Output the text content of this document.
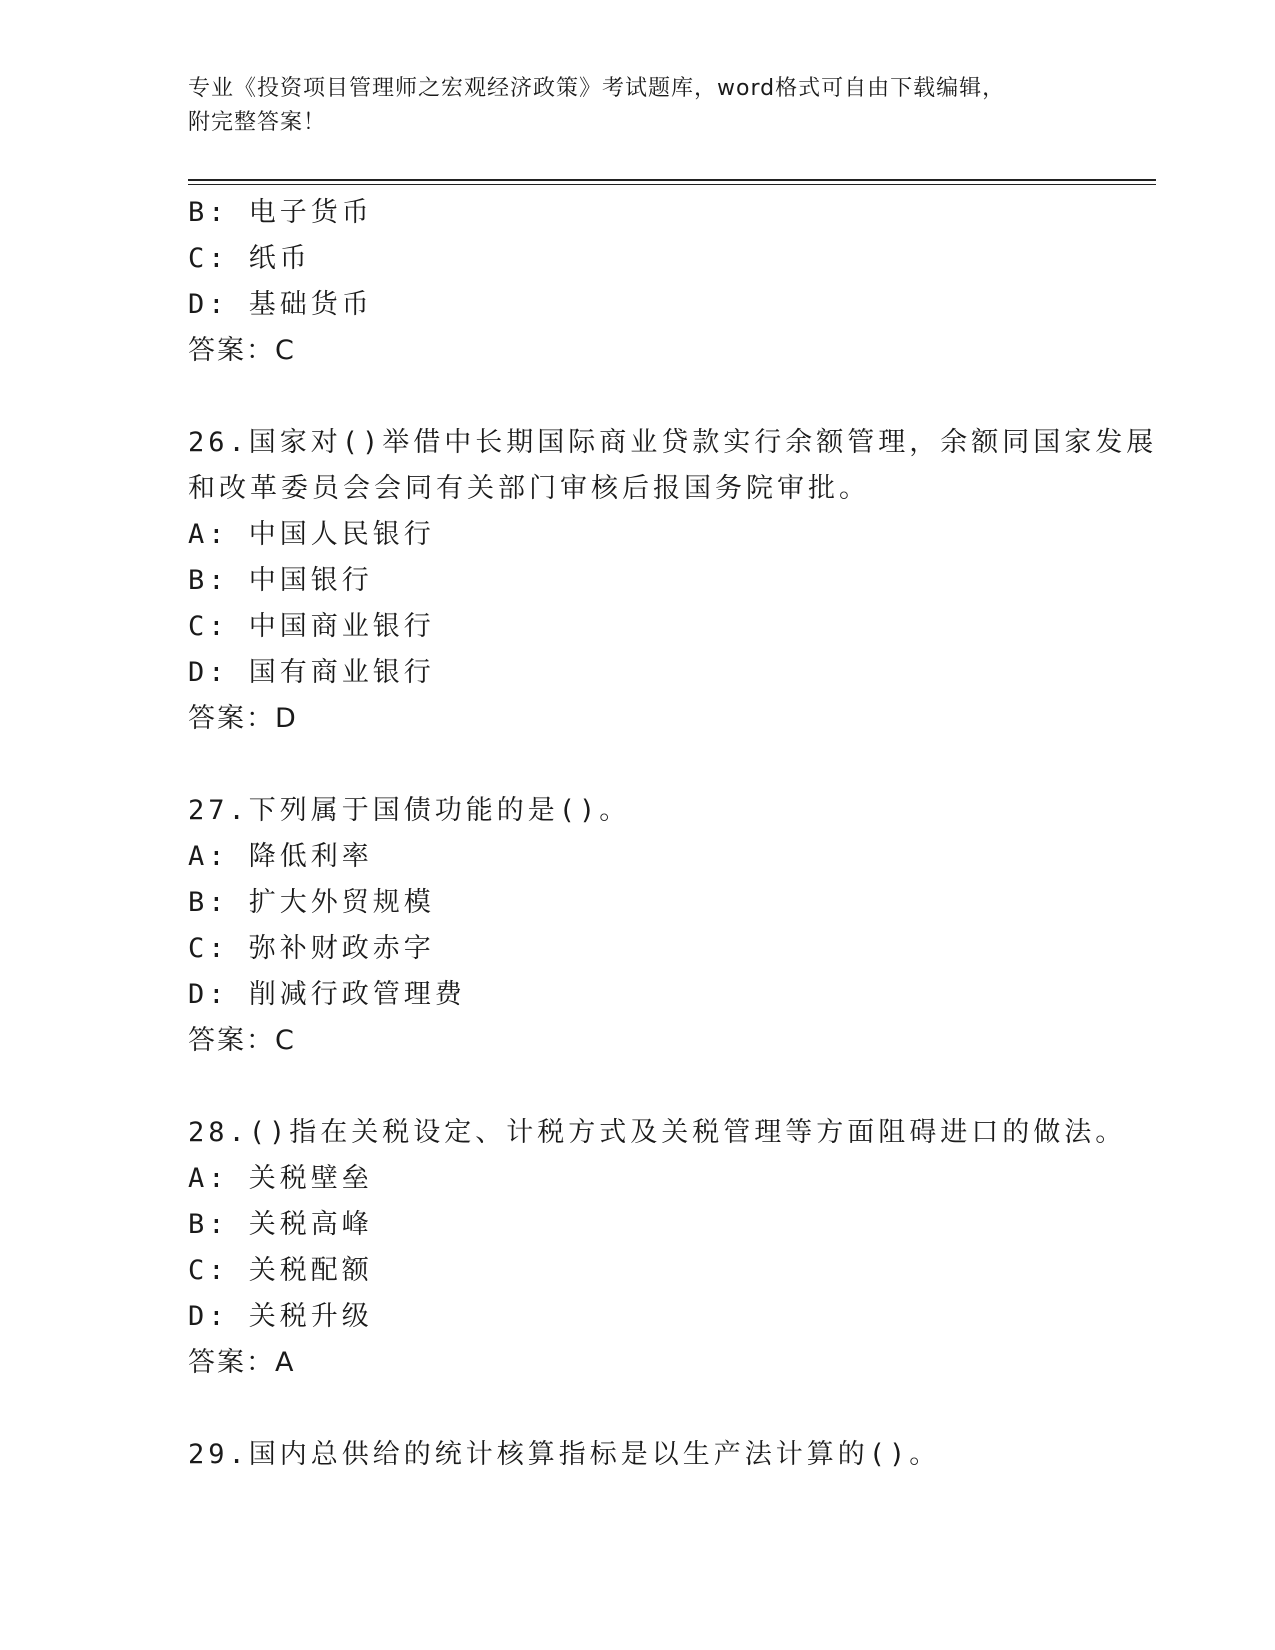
专业《投资项目管理师之宏观经济政策》考试题库，word格式可自由下载编辑，
附完整答案！
B: 电子货币
C: 纸币
D: 基础货币
答案：C
26.国家对()举借中长期国际商业贷款实行余额管理，余额同国家发展
和改革委员会会同有关部门审核后报国务院审批。
A: 中国人民银行
B: 中国银行
C: 中国商业银行
D: 国有商业银行
答案：D
27.下列属于国债功能的是()。
A: 降低利率
B: 扩大外贸规模
C: 弥补财政赤字
D: 削减行政管理费
答案：C
28.()指在关税设定、计税方式及关税管理等方面阻碍进口的做法。
A: 关税壁垒
B: 关税高峰
C: 关税配额
D: 关税升级
答案：A
29.国内总供给的统计核算指标是以生产法计算的()。
